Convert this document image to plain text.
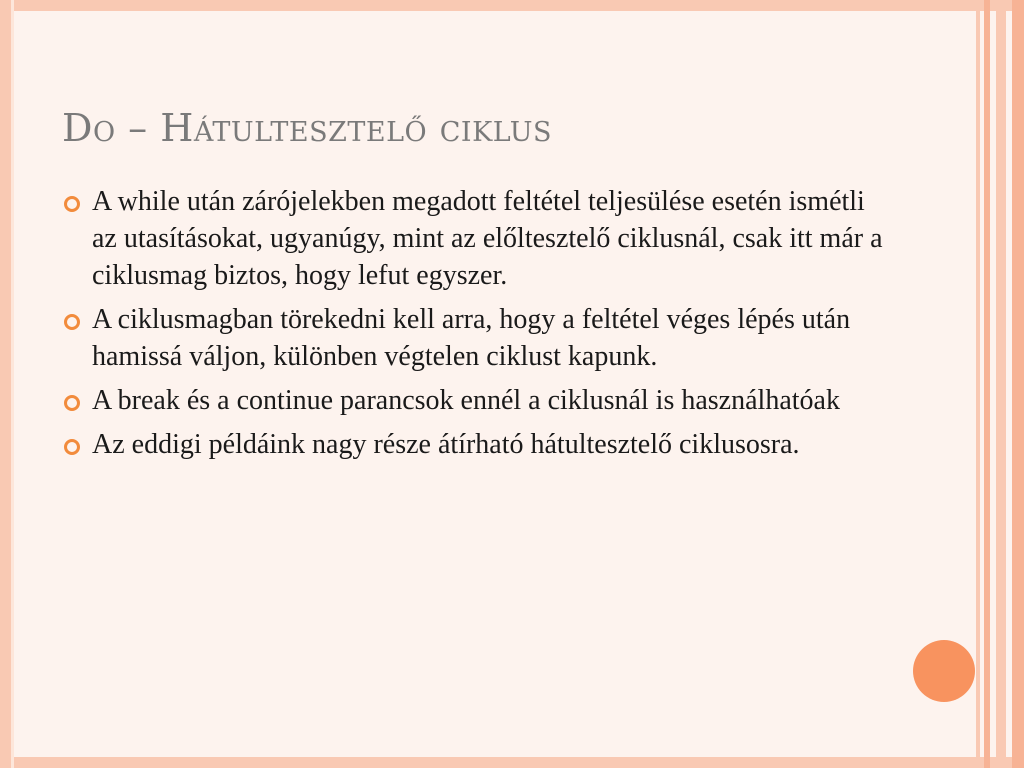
Do – Hátultesztelő ciklus
A while után zárójelekben megadott feltétel teljesülése esetén ismétli az utasításokat, ugyanúgy, mint az előltesztelő ciklusnál, csak itt már a ciklusmag biztos, hogy lefut egyszer.
A ciklusmagban törekedni kell arra, hogy a feltétel véges lépés után hamissá váljon, különben végtelen ciklust kapunk.
A break és a continue parancsok ennél a ciklusnál is használhatóak
Az eddigi példáink nagy része átírható hátultesztelő ciklusosra.
